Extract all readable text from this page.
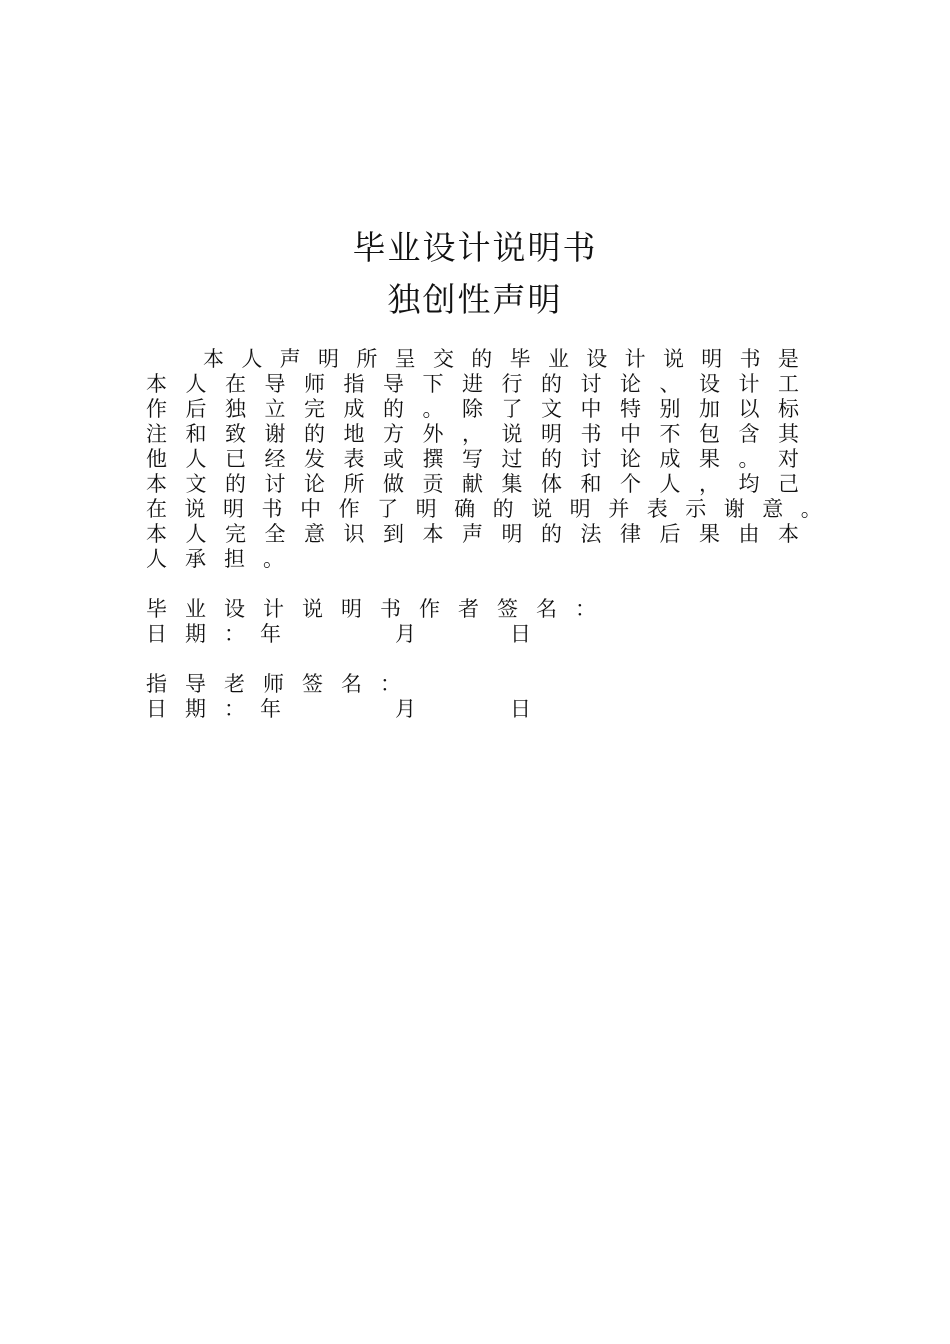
毕业设计说明书
独创性声明
本 人 声 明 所 呈 交 的 毕 业 设 计 说 明 书 是
本 人 在 导 师 指 导 下 进 行 的 讨 论 、 设 计 工
作 后 独 立 完 成 的 。 除 了 文 中 特 别 加 以 标
注 和 致 谢 的 地 方 外 ， 说 明 书 中 不 包 含 其
他 人 已 经 发 表 或 撰 写 过 的 讨 论 成 果 。 对
本 文 的 讨 论 所 做 贡 献 集 体 和 个 人 ， 均 己
在 说 明 书 中 作 了 明 确 的 说 明 并 表 示 谢 意 。
本 人 完 全 意 识 到 本 声 明 的 法 律 后 果 由 本
人 承 担 。
毕业设计说明书作者签名：
日期：
年	月	日
指导老师签名：
日期：
年	月	日
